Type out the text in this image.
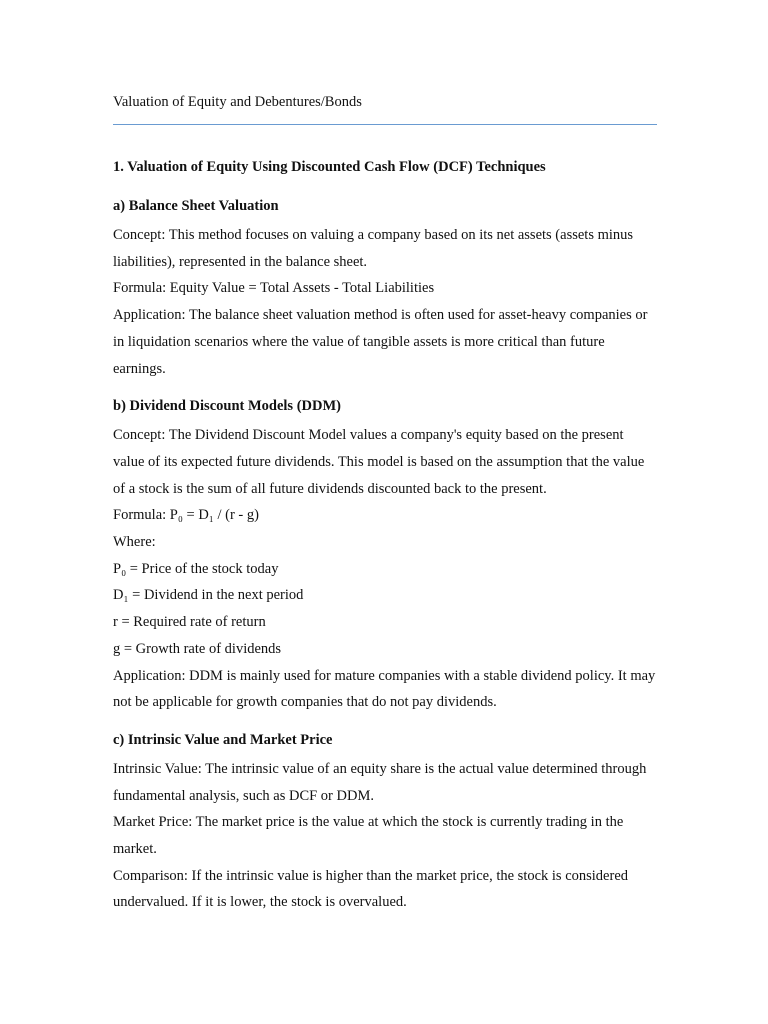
Valuation of Equity and Debentures/Bonds
1. Valuation of Equity Using Discounted Cash Flow (DCF) Techniques
a) Balance Sheet Valuation

Concept: This method focuses on valuing a company based on its net assets (assets minus liabilities), represented in the balance sheet.

Formula: Equity Value = Total Assets - Total Liabilities

Application: The balance sheet valuation method is often used for asset-heavy companies or in liquidation scenarios where the value of tangible assets is more critical than future earnings.

b) Dividend Discount Models (DDM)

Concept: The Dividend Discount Model values a company's equity based on the present value of its expected future dividends. This model is based on the assumption that the value of a stock is the sum of all future dividends discounted back to the present.

Formula: P₀ = D₁ / (r - g)

Where:

P₀ = Price of the stock today

D₁ = Dividend in the next period

r = Required rate of return

g = Growth rate of dividends

Application: DDM is mainly used for mature companies with a stable dividend policy. It may not be applicable for growth companies that do not pay dividends.

c) Intrinsic Value and Market Price

Intrinsic Value: The intrinsic value of an equity share is the actual value determined through fundamental analysis, such as DCF or DDM.

Market Price: The market price is the value at which the stock is currently trading in the market.

Comparison: If the intrinsic value is higher than the market price, the stock is considered undervalued. If it is lower, the stock is overvalued.
